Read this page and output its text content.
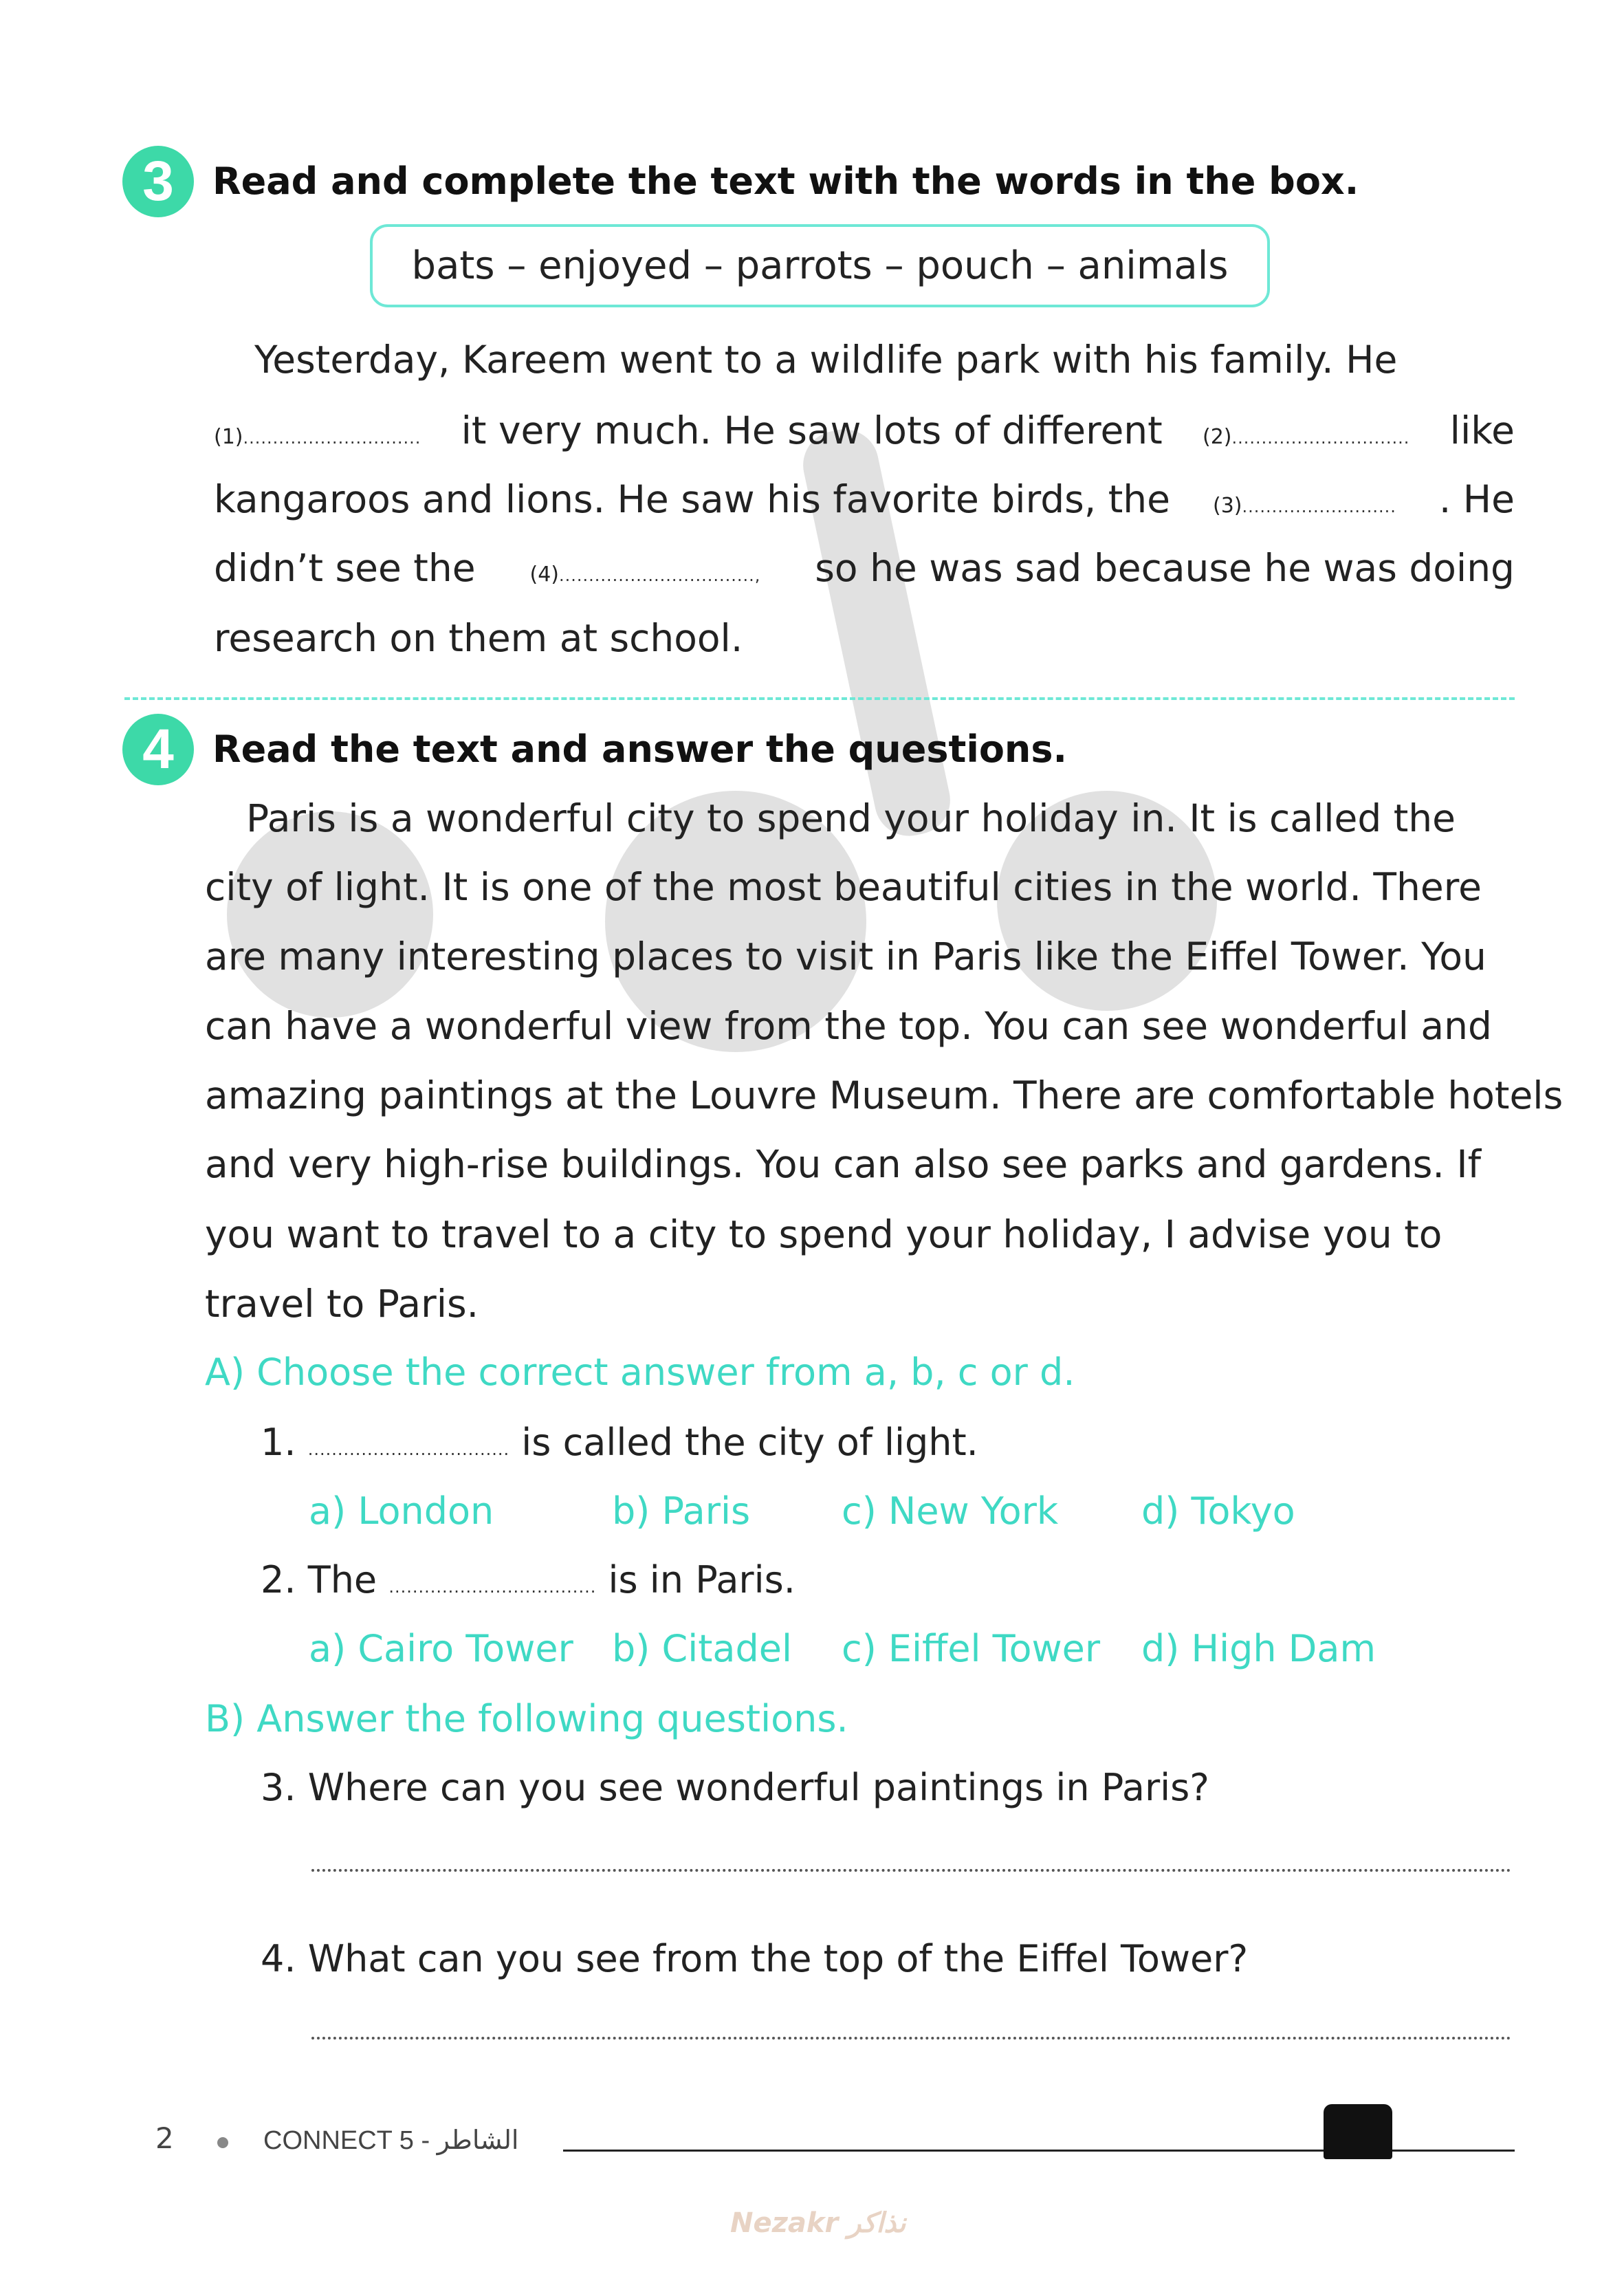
3	Read and complete the text with the words in the box.
bats – enjoyed – parrots – pouch – animals
Yesterday, Kareem went to a wildlife park with his family. He
(1).............................. it very much. He saw lots of different (2).............................. like
kangaroos and lions. He saw his favorite birds, the (3).......................... . He
didn’t see the	(4)................................., so he was sad because he was doing
research on them at school.
4	Read the text and answer the questions.
Paris is a wonderful city to spend your holiday in. It is called the
city of light. It is one of the most beautiful cities in the world. There
are many interesting places to visit in Paris like the Eiffel Tower. You
can have a wonderful view from the top. You can see wonderful and
amazing paintings at the Louvre Museum. There are comfortable hotels
and very high-rise buildings. You can also see parks and gardens. If
you want to travel to a city to spend your holiday, I advise you to
travel to Paris.
A) Choose the correct answer from a, b, c or d.
1. .................................. is called the city of light.
a) London	b) Paris c) New York d) Tokyo
2. The ................................... is in Paris.
a) Cairo Tower b) Citadel c) Eiffel Tower d) High Dam
B) Answer the following questions.
3. Where can you see wonderful paintings in Paris?
4. What can you see from the top of the Eiffel Tower?
2	الشاطر - CONNECT 5
Nezakr نذاكر
